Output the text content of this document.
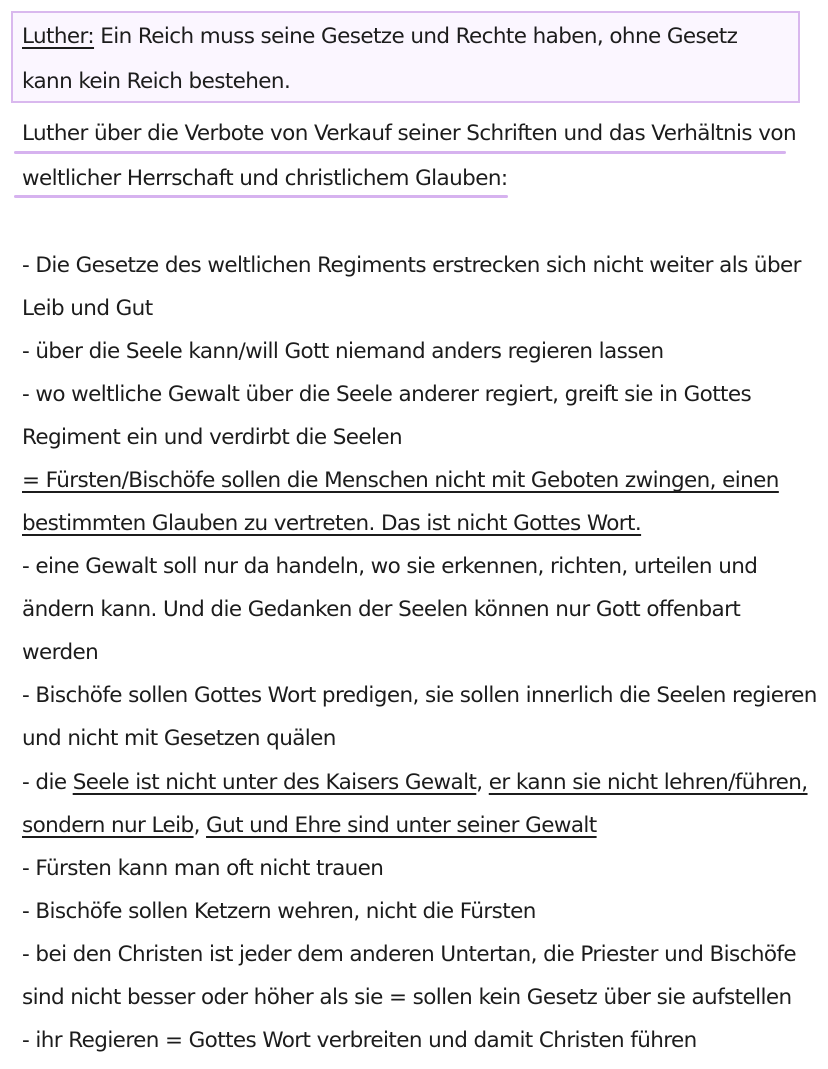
Luther: Ein Reich muss seine Gesetze und Rechte haben, ohne Gesetz
kann kein Reich bestehen.
Luther über die Verbote von Verkauf seiner Schriften und das Verhältnis von
weltlicher Herrschaft und christlichem Glauben:
- Die Gesetze des weltlichen Regiments erstrecken sich nicht weiter als über
Leib und Gut
- über die Seele kann/will Gott niemand anders regieren lassen
- wo weltliche Gewalt über die Seele anderer regiert, greift sie in Gottes
Regiment ein und verdirbt die Seelen
= Fürsten/Bischöfe sollen die Menschen nicht mit Geboten zwingen, einen
bestimmten Glauben zu vertreten. Das ist nicht Gottes Wort.
- eine Gewalt soll nur da handeln, wo sie erkennen, richten, urteilen und
ändern kann. Und die Gedanken der Seelen können nur Gott offenbart
werden
- Bischöfe sollen Gottes Wort predigen, sie sollen innerlich die Seelen regieren
und nicht mit Gesetzen quälen
- die Seele ist nicht unter des Kaisers Gewalt, er kann sie nicht lehren/führen,
sondern nur Leib, Gut und Ehre sind unter seiner Gewalt
- Fürsten kann man oft nicht trauen
- Bischöfe sollen Ketzern wehren, nicht die Fürsten
- bei den Christen ist jeder dem anderen Untertan, die Priester und Bischöfe
sind nicht besser oder höher als sie = sollen kein Gesetz über sie aufstellen
- ihr Regieren = Gottes Wort verbreiten und damit Christen führen
